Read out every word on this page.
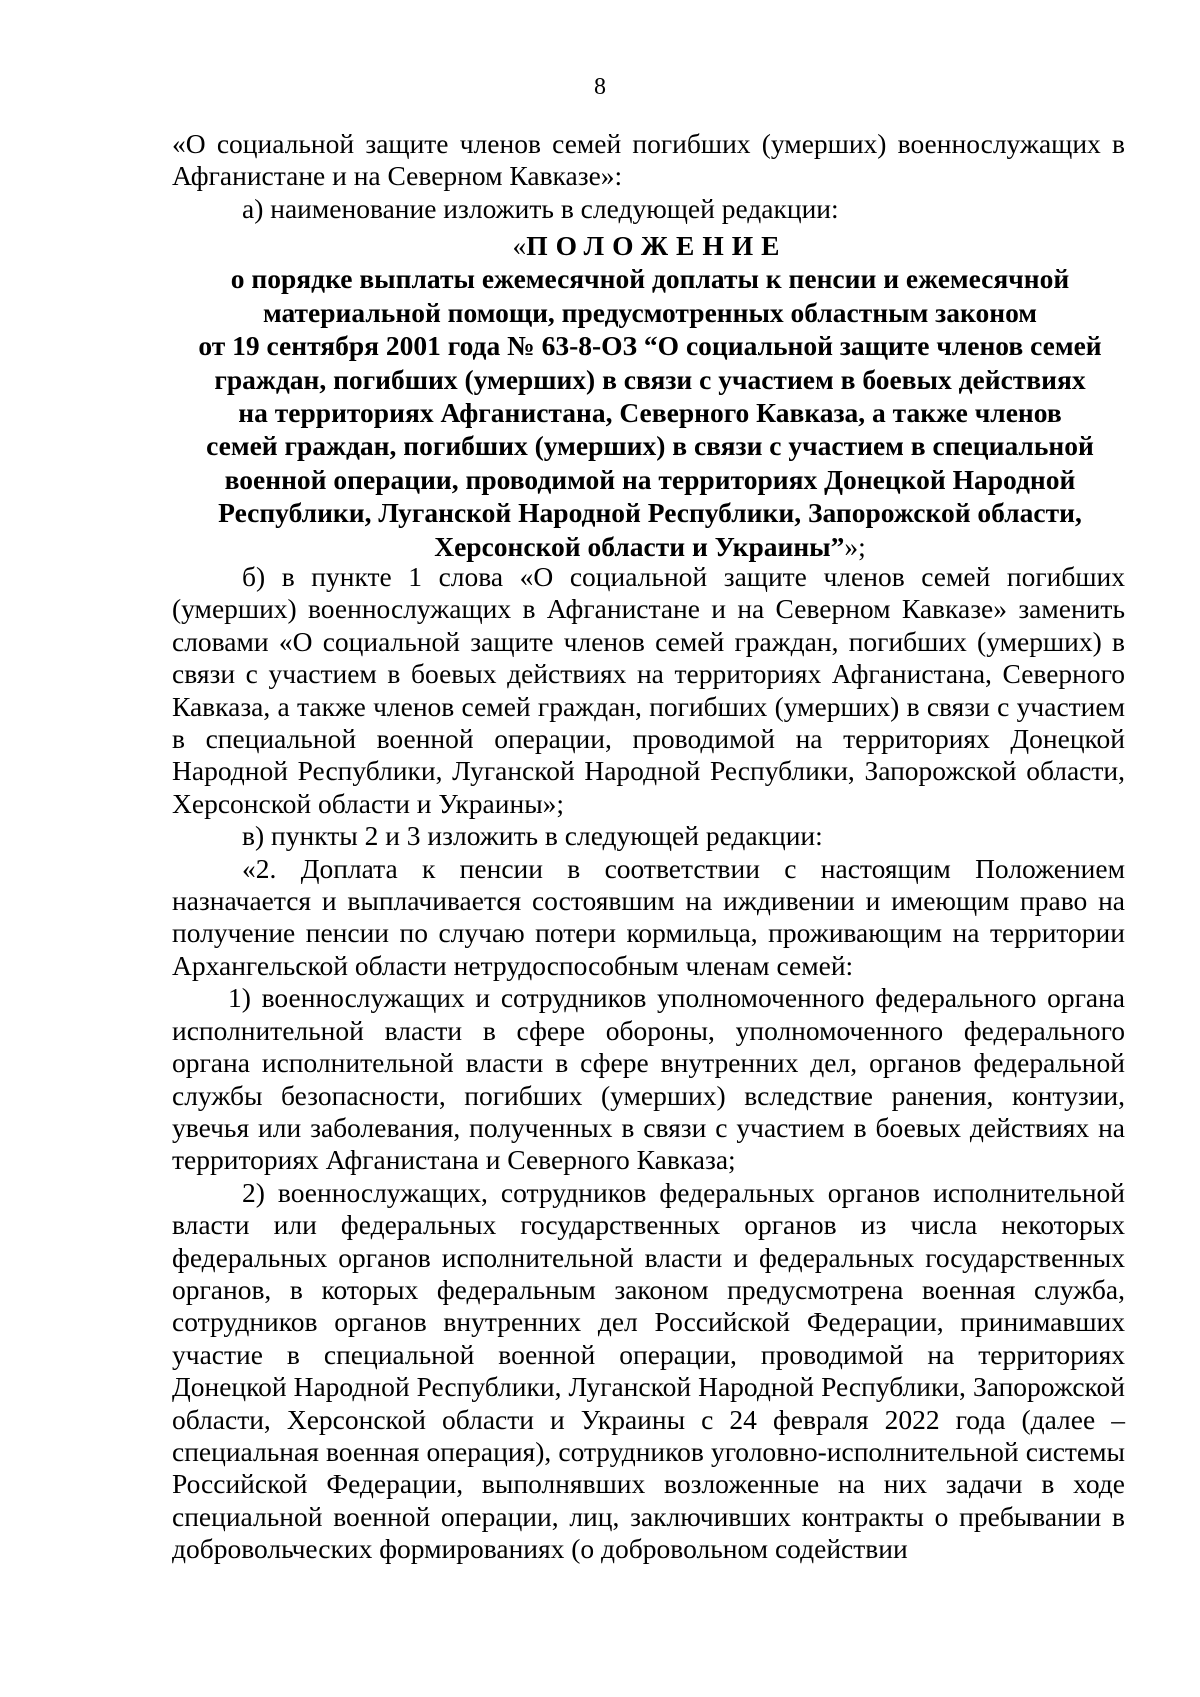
8

«О социальной защите членов семей погибших (умерших) военнослужащих в Афганистане и на Северном Кавказе»:

а) наименование изложить в следующей редакции:

«ПОЛОЖЕНИЕ
о порядке выплаты ежемесячной доплаты к пенсии и ежемесячной
материальной помощи, предусмотренных областным законом
от 19 сентября 2001 года № 63-8-ОЗ “О социальной защите членов семей
граждан, погибших (умерших) в связи с участием в боевых действиях
на территориях Афганистана, Северного Кавказа, а также членов
семей граждан, погибших (умерших) в связи с участием в специальной
военной операции, проводимой на территориях Донецкой Народной
Республики, Луганской Народной Республики, Запорожской области,
Херсонской области и Украины”»;

б) в пункте 1 слова «О социальной защите членов семей погибших (умерших) военнослужащих в Афганистане и на Северном Кавказе» заменить словами «О социальной защите членов семей граждан, погибших (умерших) в связи с участием в боевых действиях на территориях Афганистана, Северного Кавказа, а также членов семей граждан, погибших (умерших) в связи с участием в специальной военной операции, проводимой на территориях Донецкой Народной Республики, Луганской Народной Республики, Запорожской области, Херсонской области и Украины»;

в) пункты 2 и 3 изложить в следующей редакции:

«2. Доплата к пенсии в соответствии с настоящим Положением назначается и выплачивается состоявшим на иждивении и имеющим право на получение пенсии по случаю потери кормильца, проживающим на территории Архангельской области нетрудоспособным членам семей:

1) военнослужащих и сотрудников уполномоченного федерального органа исполнительной власти в сфере обороны, уполномоченного федерального органа исполнительной власти в сфере внутренних дел, органов федеральной службы безопасности, погибших (умерших) вследствие ранения, контузии, увечья или заболевания, полученных в связи с участием в боевых действиях на территориях Афганистана и Северного Кавказа;

2) военнослужащих, сотрудников федеральных органов исполнительной власти или федеральных государственных органов из числа некоторых федеральных органов исполнительной власти и федеральных государственных органов, в которых федеральным законом предусмотрена военная служба, сотрудников органов внутренних дел Российской Федерации, принимавших участие в специальной военной операции, проводимой на территориях Донецкой Народной Республики, Луганской Народной Республики, Запорожской области, Херсонской области и Украины с 24 февраля 2022 года (далее – специальная военная операция), сотрудников уголовно-исполнительной системы Российской Федерации, выполнявших возложенные на них задачи в ходе специальной военной операции, лиц, заключивших контракты о пребывании в добровольческих формированиях (о добровольном содействии
